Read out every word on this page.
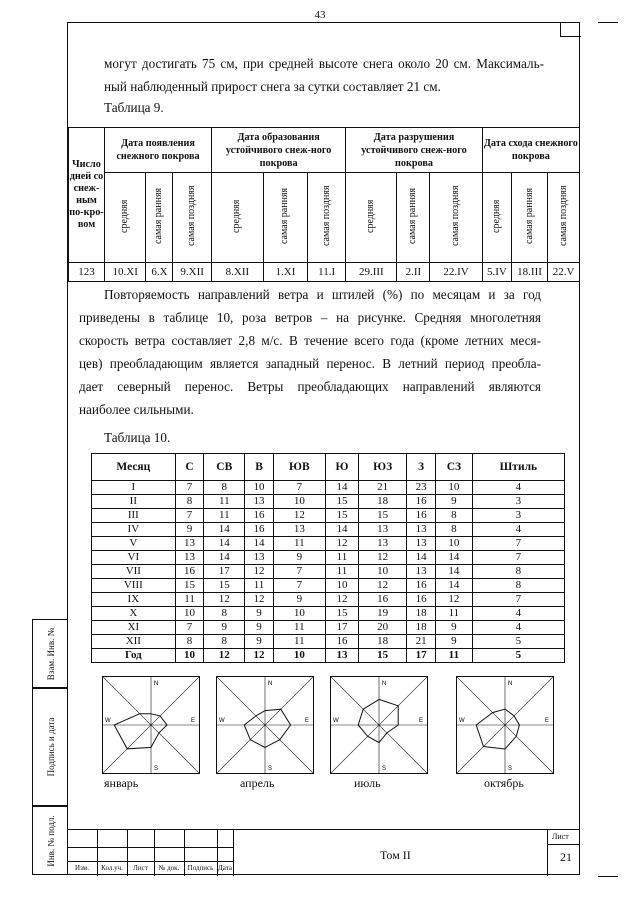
43

могут достигать 75 см, при средней высоте снега около 20 см. Максималь-

ный наблюденный прирост снега за сутки составляет 21 см.

Таблица 9.
Число дней со снеж-ным по-кро-вом	Дата появления снежного покрова			Дата образования устойчивого снеж-ного покрова			Дата разрушения устойчивого снеж-ного покрова			Дата схода снежного покрова		
	средняя	самая ранняя	самая поздняя	средняя	самая ранняя	самая поздняя	средняя	самая ранняя	самая поздняя	средняя	самая ранняя	самая поздняя
123	10.XI	6.X	9.XII	8.XII	1.XI	11.I	29.III	2.II	22.IV	5.IV	18.III	22.V

Повторяемость направлений ветра и штилей (%) по месяцам и за год

приведены в таблице 10, роза ветров – на рисунке. Средняя многолетняя

скорость ветра составляет 2,8 м/с. В течение всего года (кроме летних меся-

цев) преобладающим является западный перенос. В летний период преобла-

дает северный перенос. Ветры преобладающих направлений являются

наиболее сильными.

Таблица 10.
Месяц	С	СВ	В	ЮВ	Ю	ЮЗ	З	СЗ	Штиль
I	7	8	10	7	14	21	23	10	4
II	8	11	13	10	15	18	16	9	3
III	7	11	16	12	15	15	16	8	3
IV	9	14	16	13	14	13	13	8	4
V	13	14	14	11	12	13	13	10	7
VI	13	14	13	9	11	12	14	14	7
VII	16	17	12	7	11	10	13	14	8
VIII	15	15	11	7	10	12	16	14	8
IX	11	12	12	9	12	16	16	12	7
X	10	8	9	10	15	19	18	11	4
XI	7	9	9	11	17	20	18	9	4
XII	8	8	9	11	16	18	21	9	5
Год	10	12	12	10	13	15	17	11	5
N
E
S
W
январь
N
E
S
W
апрель
N
E
S
W
июль
N
E
S
W
октябрь
Взам. Инв. №
Подпись и дата
Инв. № подл.
Изм.	Кол.уч.	Лист	№ док.	Подпись Дата
Том II
Лист
21
